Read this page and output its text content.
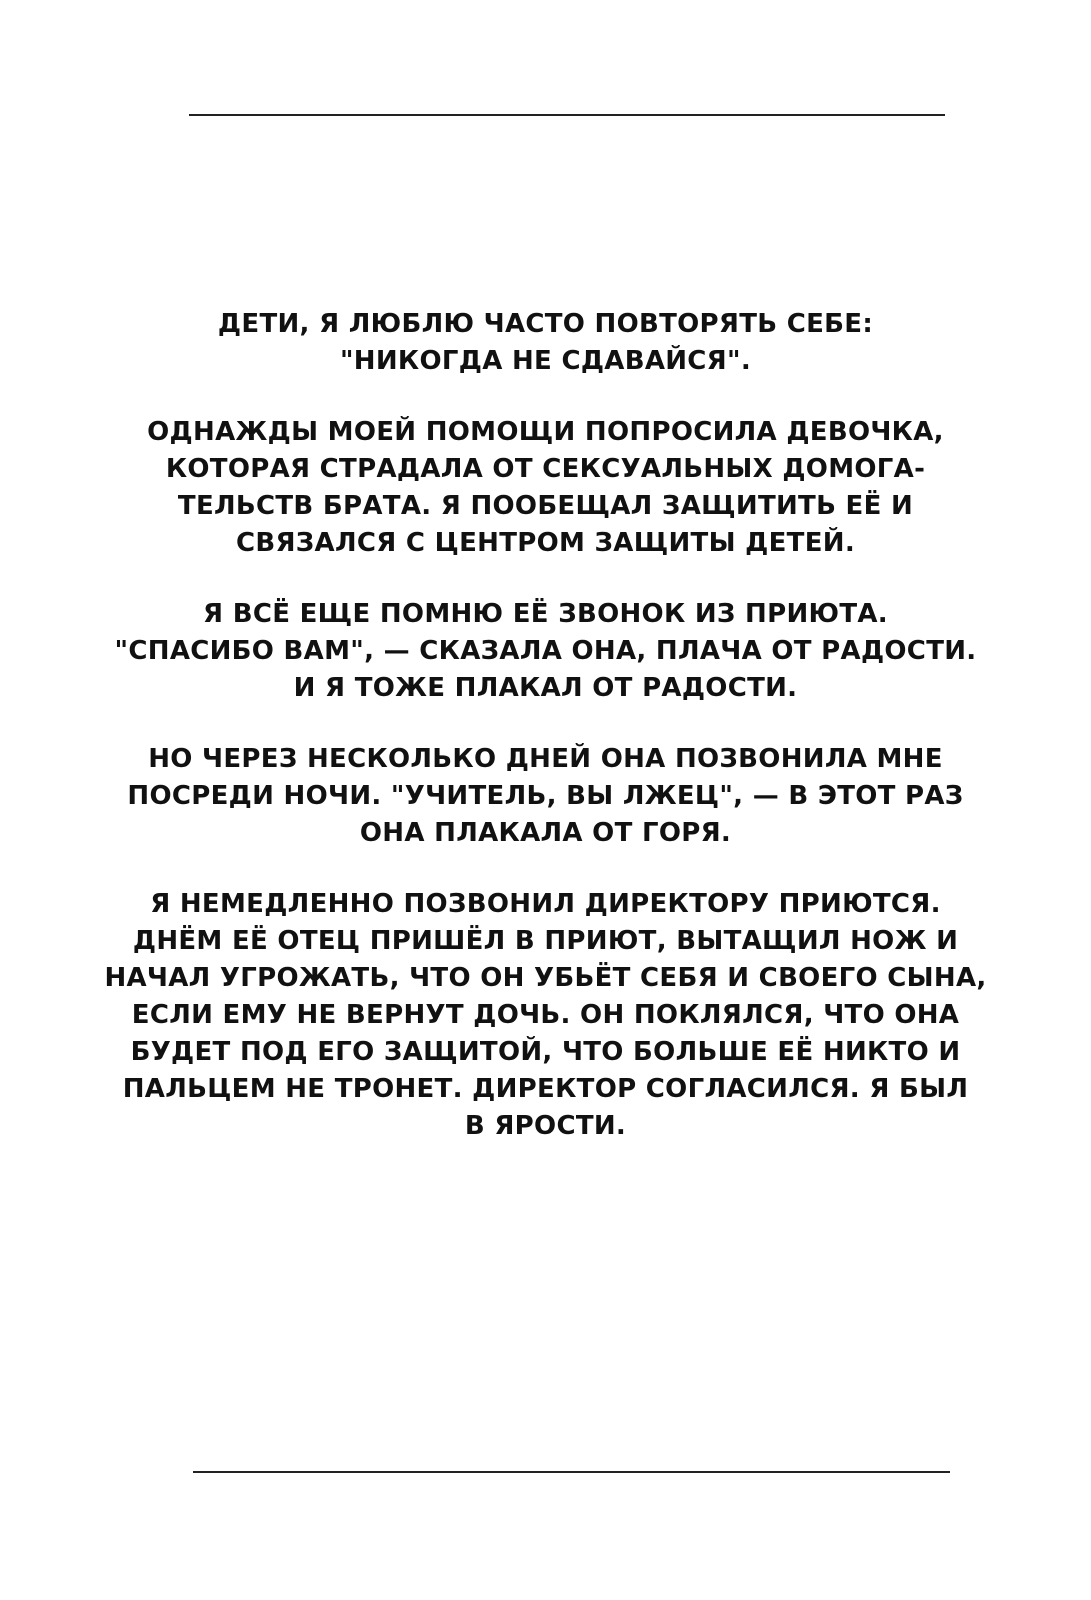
ДЕТИ, Я ЛЮБЛЮ ЧАСТО ПОВТОРЯТЬ СЕБЕ:
"НИКОГДА НЕ СДАВАЙСЯ".

ОДНАЖДЫ МОЕЙ ПОМОЩИ ПОПРОСИЛА ДЕВОЧКА,
КОТОРАЯ СТРАДАЛА ОТ СЕКСУАЛЬНЫХ ДОМОГА-
ТЕЛЬСТВ БРАТА. Я ПООБЕЩАЛ ЗАЩИТИТЬ ЕЁ И
СВЯЗАЛСЯ С ЦЕНТРОМ ЗАЩИТЫ ДЕТЕЙ.

Я ВСЁ ЕЩЕ ПОМНЮ ЕЁ ЗВОНОК ИЗ ПРИЮТА.
"СПАСИБО ВАМ", — СКАЗАЛА ОНА, ПЛАЧА ОТ РАДОСТИ.
И Я ТОЖЕ ПЛАКАЛ ОТ РАДОСТИ.

НО ЧЕРЕЗ НЕСКОЛЬКО ДНЕЙ ОНА ПОЗВОНИЛА МНЕ
ПОСРЕДИ НОЧИ. "УЧИТЕЛЬ, ВЫ ЛЖЕЦ", — В ЭТОТ РАЗ
ОНА ПЛАКАЛА ОТ ГОРЯ.

Я НЕМЕДЛЕННО ПОЗВОНИЛ ДИРЕКТОРУ ПРИЮТСЯ.
ДНЁМ ЕЁ ОТЕЦ ПРИШЁЛ В ПРИЮТ, ВЫТАЩИЛ НОЖ И
НАЧАЛ УГРОЖАТЬ, ЧТО ОН УБЬЁТ СЕБЯ И СВОЕГО СЫНА,
ЕСЛИ ЕМУ НЕ ВЕРНУТ ДОЧЬ. ОН ПОКЛЯЛСЯ, ЧТО ОНА
БУДЕТ ПОД ЕГО ЗАЩИТОЙ, ЧТО БОЛЬШЕ ЕЁ НИКТО И
ПАЛЬЦЕМ НЕ ТРОНЕТ. ДИРЕКТОР СОГЛАСИЛСЯ. Я БЫЛ
В ЯРОСТИ.
